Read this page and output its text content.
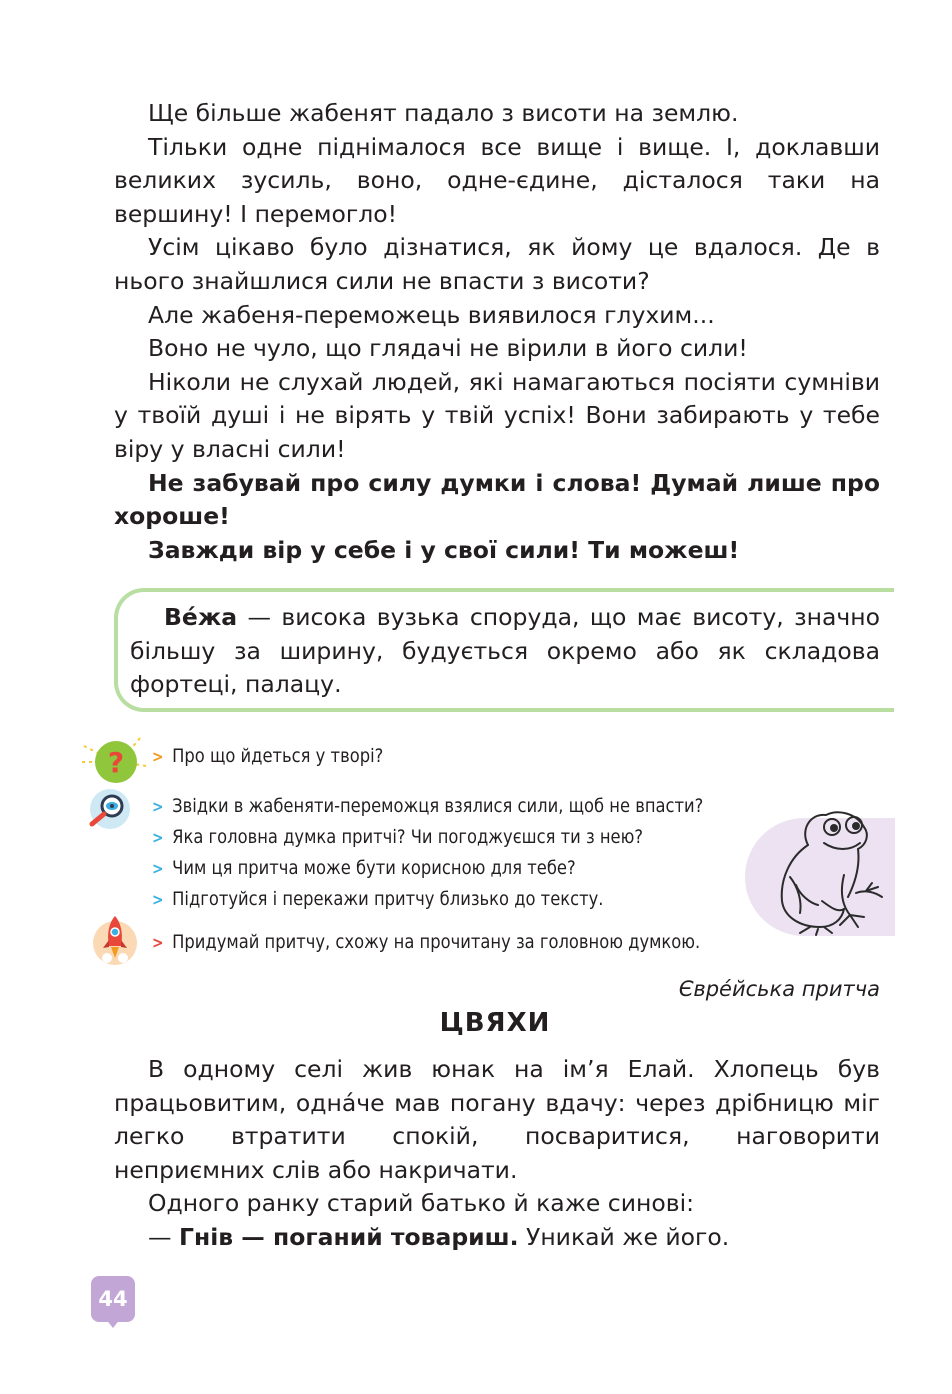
Ще більше жабенят падало з висоти на землю.

Тільки одне піднімалося все вище і вище. І, доклавши великих зусиль, воно, одне-єдине, дісталося таки на вершину! І перемогло!

Усім цікаво було дізнатися, як йому це вдалося. Де в нього знайшлися сили не впасти з висоти?

Але жабеня-переможець виявилося глухим...

Воно не чуло, що глядачі не вірили в його сили!

Ніколи не слухай людей, які намагаються посіяти сумніви у твоїй душі і не вірять у твій успіх! Вони забирають у тебе віру у власні сили!

Не забувай про силу думки і слова! Думай лише про хороше!

Завжди вір у себе і у свої сили! Ти можеш!

Ве́жа — висока вузька споруда, що має висоту, значно більшу за ширину, будується окремо або як складова фортеці, палацу.
? > Про що йдеться у творі?
> Звідки в жабеняти-переможця взялися сили, щоб не впасти?
> Яка головна думка притчі? Чи погоджуєшся ти з нею?
> Чим ця притча може бути корисною для тебе?
> Підготуйся і перекажи притчу близько до тексту.
> Придумай притчу, схожу на прочитану за головною думкою.
Євре́йська притча
ЦВЯХИ

В одному селі жив юнак на ім’я Елай. Хлопець був працьовитим, одна́че мав погану вдачу: через дрібницю міг легко втратити спокій, посваритися, наговорити неприємних слів або накричати.

Одного ранку старий батько й каже синові:

— Гнів — поганий товариш. Уникай же його.

44
